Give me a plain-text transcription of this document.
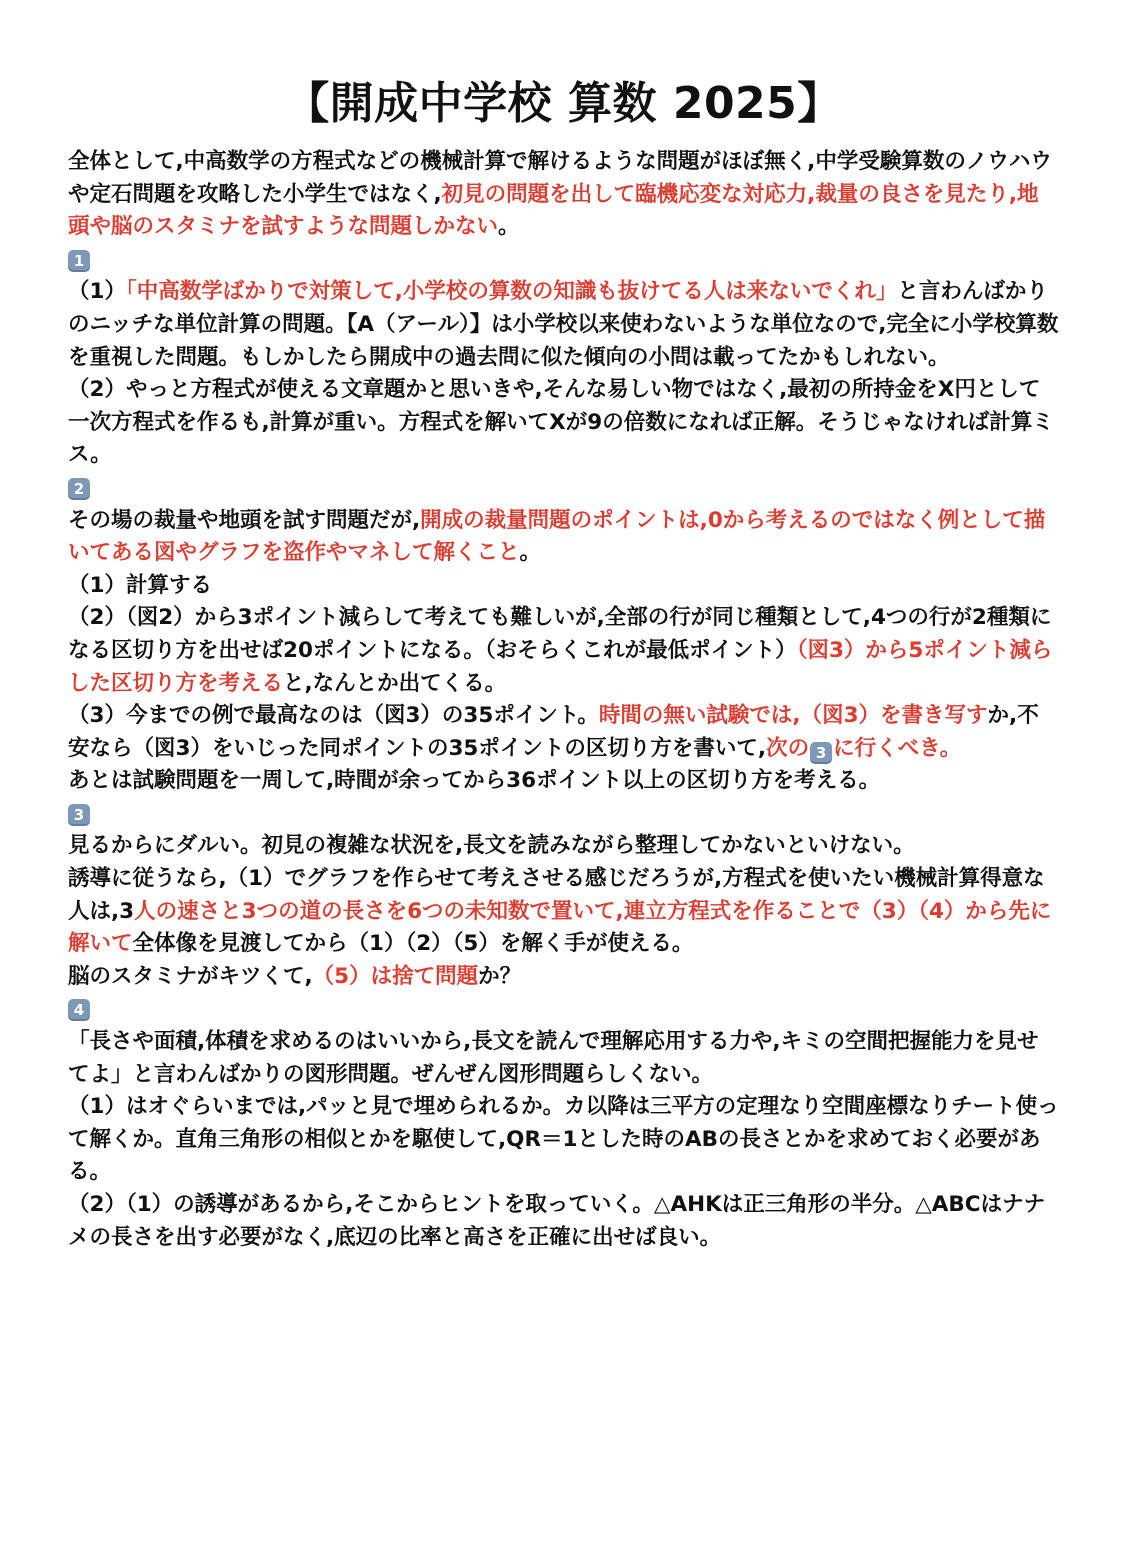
【開成中学校 算数 2025】

全体として,中高数学の方程式などの機械計算で解けるような問題がほぼ無く,中学受験算数のノウハウや定石問題を攻略した小学生ではなく,初見の問題を出して臨機応変な対応力,裁量の良さを見たり,地頭や脳のスタミナを試すような問題しかない。

1

（1）「中高数学ばかりで対策して,小学校の算数の知識も抜けてる人は来ないでくれ」と言わんばかりのニッチな単位計算の問題。【A（アール）】は小学校以来使わないような単位なので,完全に小学校算数を重視した問題。もしかしたら開成中の過去問に似た傾向の小問は載ってたかもしれない。

（2）やっと方程式が使える文章題かと思いきや,そんな易しい物ではなく,最初の所持金をX円として一次方程式を作るも,計算が重い。方程式を解いてXが9の倍数になれば正解。そうじゃなければ計算ミス。

2

その場の裁量や地頭を試す問題だが,開成の裁量問題のポイントは,0から考えるのではなく例として描いてある図やグラフを盗作やマネして解くこと。

（1）計算する

（2）（図2）から3ポイント減らして考えても難しいが,全部の行が同じ種類として,4つの行が2種類になる区切り方を出せば20ポイントになる。（おそらくこれが最低ポイント）（図3）から5ポイント減らした区切り方を考えると,なんとか出てくる。

（3）今までの例で最高なのは（図3）の35ポイント。時間の無い試験では,（図3）を書き写すか,不安なら（図3）をいじった同ポイントの35ポイントの区切り方を書いて,次の 3 に行くべき。

あとは試験問題を一周して,時間が余ってから36ポイント以上の区切り方を考える。

3

見るからにダルい。初見の複雑な状況を,長文を読みながら整理してかないといけない。

誘導に従うなら,（1）でグラフを作らせて考えさせる感じだろうが,方程式を使いたい機械計算得意な人は,3人の速さと3つの道の長さを6つの未知数で置いて,連立方程式を作ることで（3）（4）から先に解いて全体像を見渡してから（1）（2）（5）を解く手が使える。

脳のスタミナがキツくて,（5）は捨て問題か？

4

「長さや面積,体積を求めるのはいいから,長文を読んで理解応用する力や,キミの空間把握能力を見せてよ」と言わんばかりの図形問題。ぜんぜん図形問題らしくない。

（1）はオぐらいまでは,パッと見で埋められるか。カ以降は三平方の定理なり空間座標なりチート使って解くか。直角三角形の相似とかを駆使して,QR＝1とした時のABの長さとかを求めておく必要がある。

（2）（1）の誘導があるから,そこからヒントを取っていく。△AHKは正三角形の半分。△ABCはナナメの長さを出す必要がなく,底辺の比率と高さを正確に出せば良い。
